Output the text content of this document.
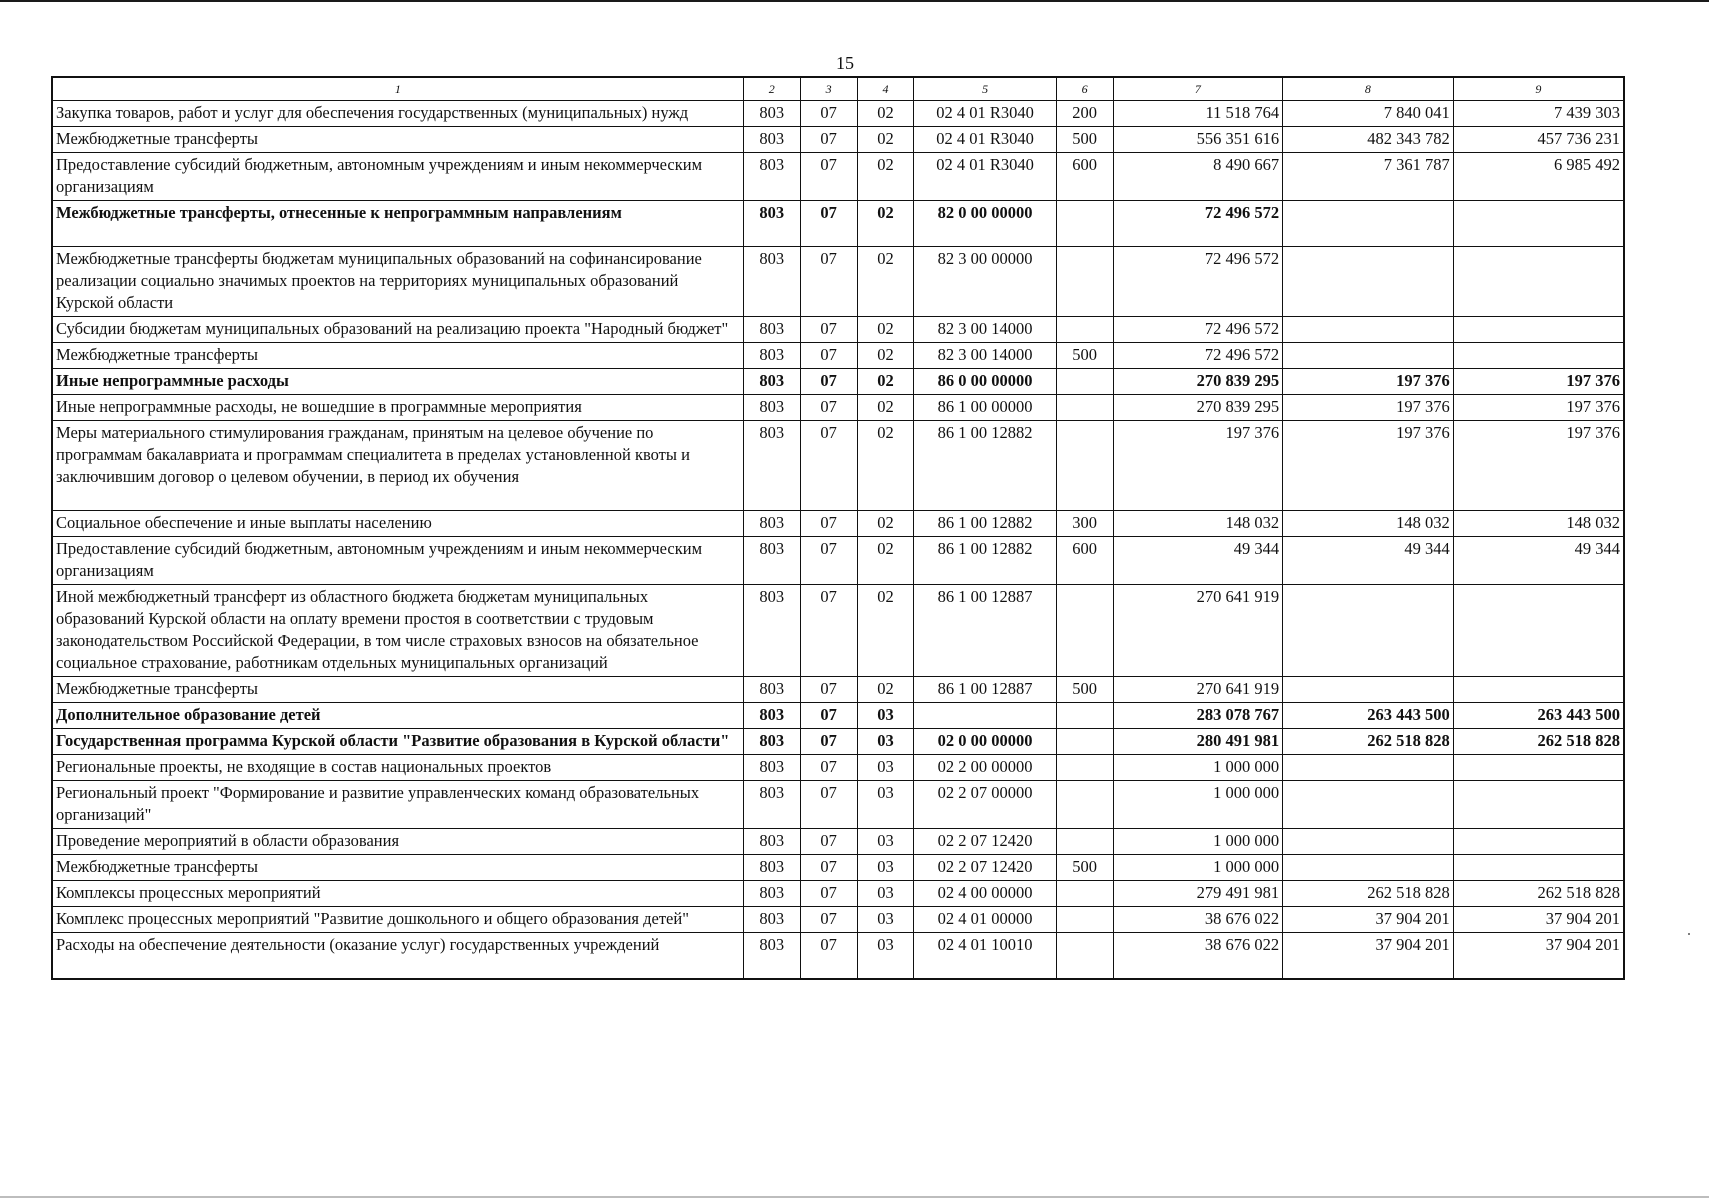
15
1	2	3	4	5	6	7	8	9
Закупка товаров, работ и услуг для обеспечения государственных (муниципальных) нужд	803	07	02	02 4 01 R3040	200	11 518 764	7 840 041	7 439 303
Межбюджетные трансферты	803	07	02	02 4 01 R3040	500	556 351 616	482 343 782	457 736 231
Предоставление субсидий бюджетным, автономным учреждениям и иным некоммерческим организациям	803	07	02	02 4 01 R3040	600	8 490 667	7 361 787	6 985 492
Межбюджетные трансферты, отнесенные к непрограммным направлениям	803	07	02	82 0 00 00000		72 496 572		
Межбюджетные трансферты бюджетам муниципальных образований на софинансирование реализации социально значимых проектов на территориях муниципальных образований Курской области	803	07	02	82 3 00 00000		72 496 572		
Субсидии бюджетам муниципальных образований на реализацию проекта "Народный бюджет"	803	07	02	82 3 00 14000		72 496 572		
Межбюджетные трансферты	803	07	02	82 3 00 14000	500	72 496 572		
Иные непрограммные расходы	803	07	02	86 0 00 00000		270 839 295	197 376	197 376
Иные непрограммные расходы, не вошедшие в программные мероприятия	803	07	02	86 1 00 00000		270 839 295	197 376	197 376
Меры материального стимулирования гражданам, принятым на целевое обучение по программам бакалавриата и программам специалитета в пределах установленной квоты и заключившим договор о целевом обучении, в период их обучения	803	07	02	86 1 00 12882		197 376	197 376	197 376
Социальное обеспечение и иные выплаты населению	803	07	02	86 1 00 12882	300	148 032	148 032	148 032
Предоставление субсидий бюджетным, автономным учреждениям и иным некоммерческим организациям	803	07	02	86 1 00 12882	600	49 344	49 344	49 344
Иной межбюджетный трансферт из областного бюджета бюджетам муниципальных образований Курской области на оплату времени простоя в соответствии с трудовым законодательством Российской Федерации, в том числе страховых взносов на обязательное социальное страхование, работникам отдельных муниципальных организаций	803	07	02	86 1 00 12887		270 641 919		
Межбюджетные трансферты	803	07	02	86 1 00 12887	500	270 641 919		
Дополнительное образование детей	803	07	03			283 078 767	263 443 500	263 443 500
Государственная программа Курской области "Развитие образования в Курской области"	803	07	03	02 0 00 00000		280 491 981	262 518 828	262 518 828
Региональные проекты, не входящие в состав национальных проектов	803	07	03	02 2 00 00000		1 000 000		
Региональный проект "Формирование и развитие управленческих команд образовательных организаций"	803	07	03	02 2 07 00000		1 000 000		
Проведение мероприятий в области образования	803	07	03	02 2 07 12420		1 000 000		
Межбюджетные трансферты	803	07	03	02 2 07 12420	500	1 000 000		
Комплексы процессных мероприятий	803	07	03	02 4 00 00000		279 491 981	262 518 828	262 518 828
Комплекс процессных мероприятий "Развитие дошкольного и общего образования детей"	803	07	03	02 4 01 00000		38 676 022	37 904 201	37 904 201
Расходы на обеспечение деятельности (оказание услуг) государственных учреждений	803	07	03	02 4 01 10010		38 676 022	37 904 201	37 904 201
